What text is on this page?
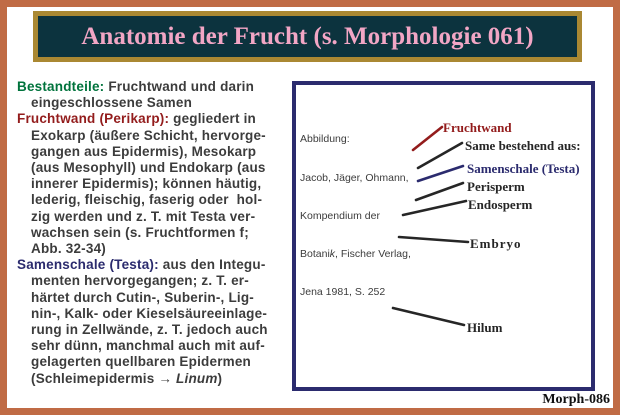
Anatomie der Frucht (s. Morphologie 061)
Bestandteile: Fruchtwand und darin
eingeschlossene Samen
Fruchtwand (Perikarp): gegliedert in
Exokarp (äußere Schicht, hervorge-
gangen aus Epidermis), Mesokarp
(aus Mesophyll) und Endokarp (aus
innerer Epidermis); können häutig,
lederig, fleischig, faserig oder  hol-
zig werden und z. T. mit Testa ver-
wachsen sein (s. Fruchtformen f;
Abb. 32-34)
Samenschale (Testa): aus den Integu-
menten hervorgegangen; z. T. er-
härtet durch Cutin-, Suberin-, Lig-
nin-, Kalk- oder Kieselsäureeinlage-
rung in Zellwände, z. T. jedoch auch
sehr dünn, manchmal auch mit auf-
gelagerten quellbaren Epidermen
(Schleimepidermis → Linum)

Abbildung:

Jacob, Jäger, Ohmann,

Kompendium der

Botanik, Fischer Verlag,

Jena 1981, S. 252

Fruchtwand
Same bestehend aus:
Samenschale (Testa)
Perisperm
Endosperm
Embryo
Hilum
Morph-086
